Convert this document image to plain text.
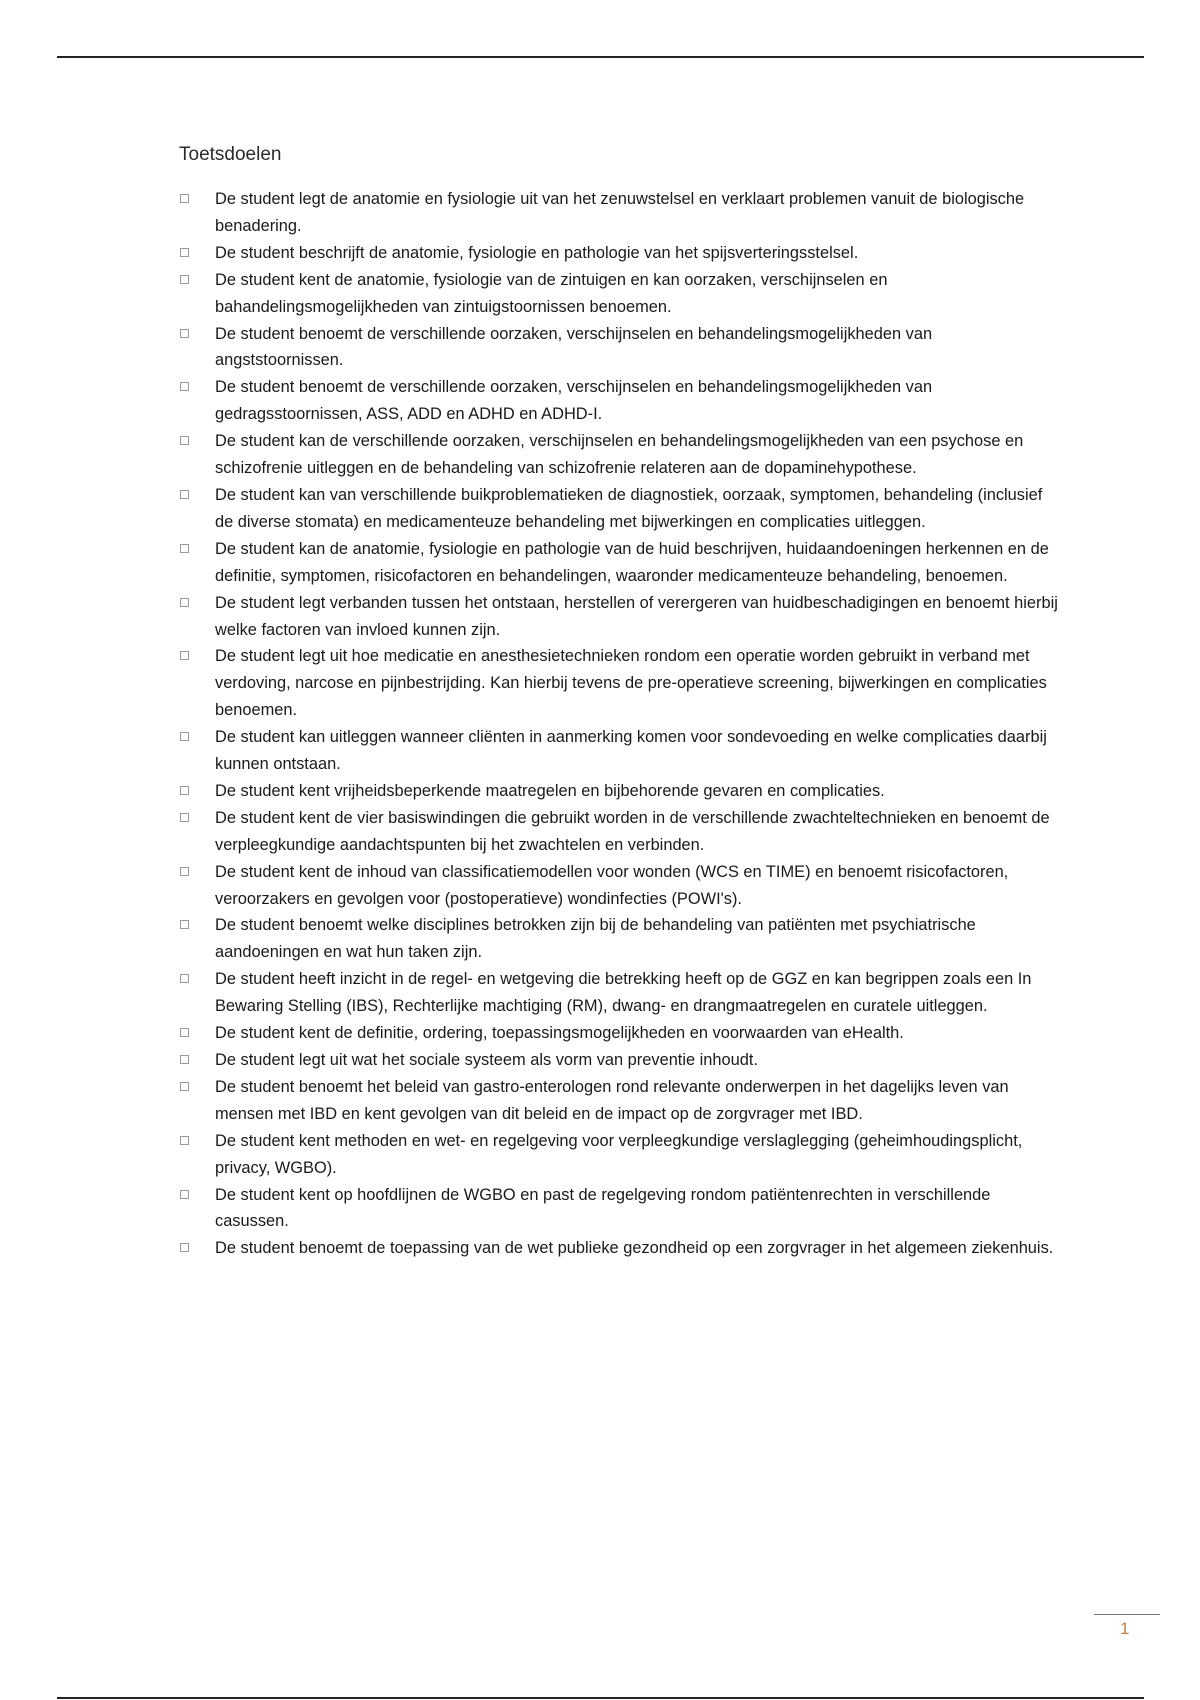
Toetsdoelen
De student legt de anatomie en fysiologie uit van het zenuwstelsel en verklaart problemen vanuit de biologische benadering.
De student beschrijft de anatomie, fysiologie en pathologie van het spijsverteringsstelsel.
De student kent de anatomie, fysiologie van de zintuigen en kan oorzaken, verschijnselen en bahandelingsmogelijkheden van zintuigstoornissen benoemen.
De student benoemt de verschillende oorzaken, verschijnselen en behandelingsmogelijkheden van angststoornissen.
De student benoemt de verschillende oorzaken, verschijnselen en behandelingsmogelijkheden van gedragsstoornissen, ASS, ADD en ADHD en ADHD-I.
De student kan de verschillende oorzaken, verschijnselen en behandelingsmogelijkheden van een psychose en schizofrenie uitleggen en de behandeling van schizofrenie relateren aan de dopaminehypothese.
De student kan van verschillende buikproblematieken de diagnostiek, oorzaak, symptomen, behandeling (inclusief de diverse stomata) en medicamenteuze behandeling met bijwerkingen en complicaties uitleggen.
De student kan de anatomie, fysiologie en pathologie van de huid beschrijven, huidaandoeningen herkennen en de definitie, symptomen, risicofactoren en behandelingen, waaronder medicamenteuze behandeling, benoemen.
De student legt verbanden tussen het ontstaan, herstellen of verergeren van huidbeschadigingen en benoemt hierbij welke factoren van invloed kunnen zijn.
De student legt uit hoe medicatie en anesthesietechnieken rondom een operatie worden gebruikt in verband met verdoving, narcose en pijnbestrijding. Kan hierbij tevens de pre-operatieve screening, bijwerkingen en complicaties benoemen.
De student kan uitleggen wanneer cliënten in aanmerking komen voor sondevoeding en welke complicaties daarbij kunnen ontstaan.
De student kent vrijheidsbeperkende maatregelen en bijbehorende gevaren en complicaties.
De student kent de vier basiswindingen die gebruikt worden in de verschillende zwachteltechnieken en benoemt de verpleegkundige aandachtspunten bij het zwachtelen en verbinden.
De student kent de inhoud van classificatiemodellen voor wonden (WCS en TIME) en benoemt risicofactoren, veroorzakers en gevolgen voor (postoperatieve) wondinfecties (POWI's).
De student benoemt welke disciplines betrokken zijn bij de behandeling van patiënten met psychiatrische aandoeningen en wat hun taken zijn.
De student heeft inzicht in de regel- en wetgeving die betrekking heeft op de GGZ en kan begrippen zoals een In Bewaring Stelling (IBS), Rechterlijke machtiging (RM), dwang- en drangmaatregelen en curatele uitleggen.
De student kent de definitie, ordering, toepassingsmogelijkheden en voorwaarden van eHealth.
De student legt uit wat het sociale systeem als vorm van preventie inhoudt.
De student benoemt het beleid van gastro-enterologen rond relevante onderwerpen in het dagelijks leven van mensen met IBD en kent gevolgen van dit beleid en de impact op de zorgvrager met IBD.
De student kent methoden en wet- en regelgeving voor verpleegkundige verslaglegging (geheimhoudingsplicht, privacy, WGBO).
De student kent op hoofdlijnen de WGBO en past de regelgeving rondom patiëntenrechten in verschillende casussen.
De student benoemt de toepassing van de wet publieke gezondheid op een zorgvrager in het algemeen ziekenhuis.
1
